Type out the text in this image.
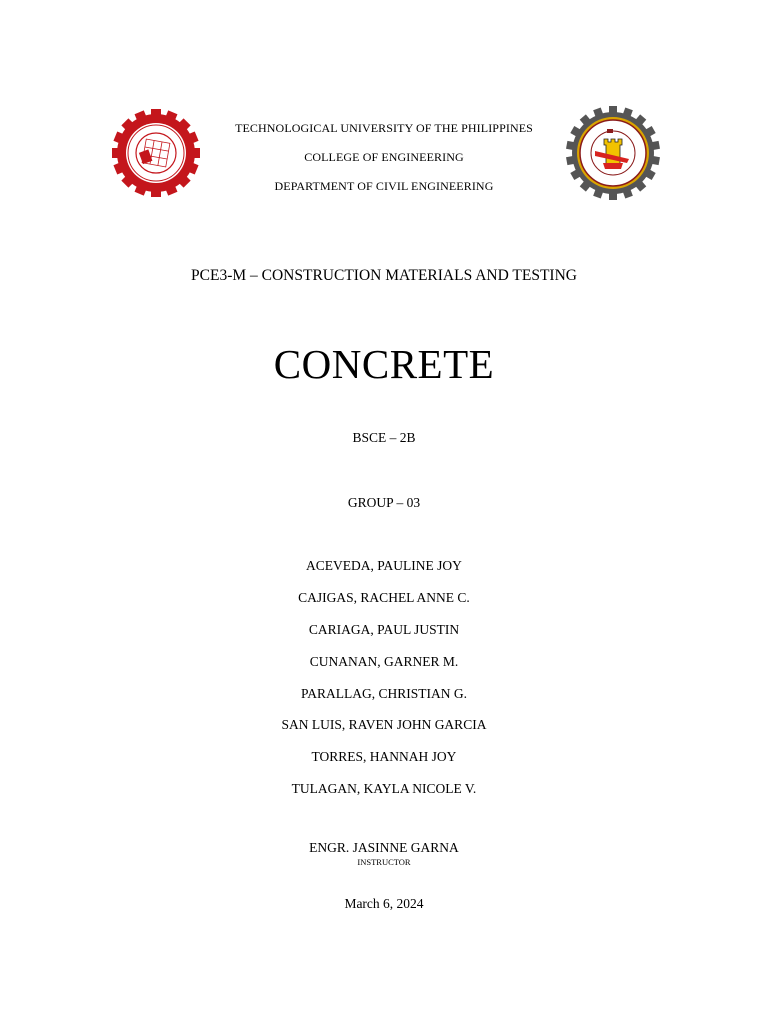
TECHNOLOGICAL UNIVERSITY OF THE PHILIPPINES
COLLEGE OF ENGINEERING
DEPARTMENT OF CIVIL ENGINEERING
PCE3-M – CONSTRUCTION MATERIALS AND TESTING
CONCRETE
BSCE – 2B
GROUP – 03
ACEVEDA, PAULINE JOY
CAJIGAS, RACHEL ANNE C.
CARIAGA, PAUL JUSTIN
CUNANAN, GARNER M.
PARALLAG, CHRISTIAN G.
SAN LUIS, RAVEN JOHN GARCIA
TORRES, HANNAH JOY
TULAGAN, KAYLA NICOLE V.
ENGR. JASINNE GARNA
INSTRUCTOR
March 6, 2024
